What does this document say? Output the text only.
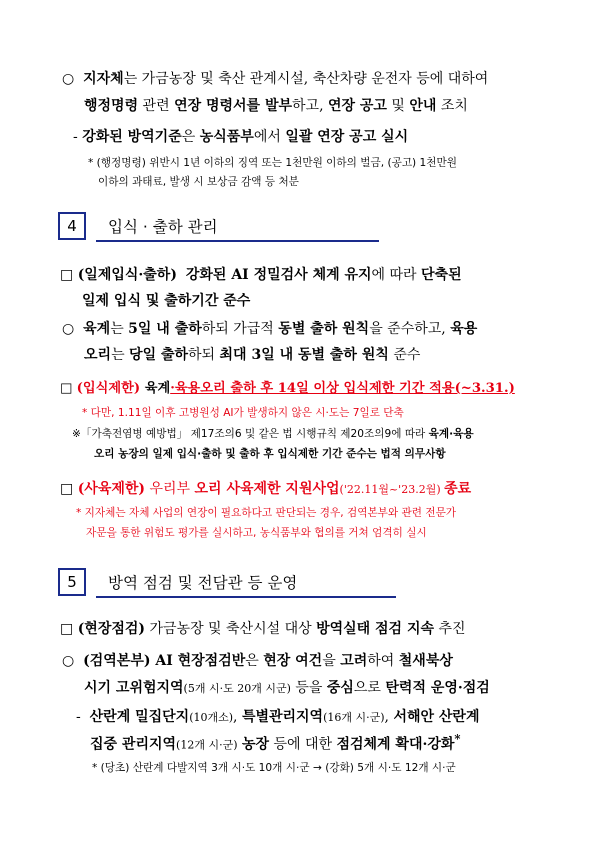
○ 지자체는 가금농장 및 축산 관계시설, 축산차량 운전자 등에 대하여
행정명령 관련 연장 명령서를 발부하고, 연장 공고 및 안내 조치
- 강화된 방역기준은 농식품부에서 일괄 연장 공고 실시
* (행정명령) 위반시 1년 이하의 징역 또는 1천만원 이하의 벌금, (공고) 1천만원
이하의 과태료, 발생 시 보상금 감액 등 처분
4	입식 · 출하 관리
□ (일제입식·출하) 강화된 AI 정밀검사 체계 유지에 따라 단축된
일제 입식 및 출하기간 준수
○ 육계는 5일 내 출하하되 가급적 동별 출하 원칙을 준수하고, 육용
오리는 당일 출하하되 최대 3일 내 동별 출하 원칙 준수
□ (입식제한) 육계·육용오리 출하 후 14일 이상 입식제한 기간 적용(~3.31.)
* 다만, 1.11일 이후 고병원성 AI가 발생하지 않은 시·도는 7일로 단축
※「가축전염병 예방법」 제17조의6 및 같은 법 시행규칙 제20조의9에 따라 육계·육용
오리 농장의 일제 입식·출하 및 출하 후 입식제한 기간 준수는 법적 의무사항
□ (사육제한) 우리부 오리 사육제한 지원사업('22.11월~'23.2월) 종료
* 지자체는 자체 사업의 연장이 필요하다고 판단되는 경우, 검역본부와 관련 전문가
자문을 통한 위험도 평가를 실시하고, 농식품부와 협의를 거쳐 엄격히 실시
5	방역 점검 및 전담관 등 운영
□ (현장점검) 가금농장 및 축산시설 대상 방역실태 점검 지속 추진
○ (검역본부) AI 현장점검반은 현장 여건을 고려하여 철새북상
시기 고위험지역(5개 시·도 20개 시군) 등을 중심으로 탄력적 운영·점검
- 산란계 밀집단지(10개소), 특별관리지역(16개 시·군), 서해안 산란계
집중 관리지역(12개 시·군) 농장 등에 대한 점검체계 확대·강화*
* (당초) 산란계 다발지역 3개 시·도 10개 시·군 → (강화) 5개 시·도 12개 시·군
